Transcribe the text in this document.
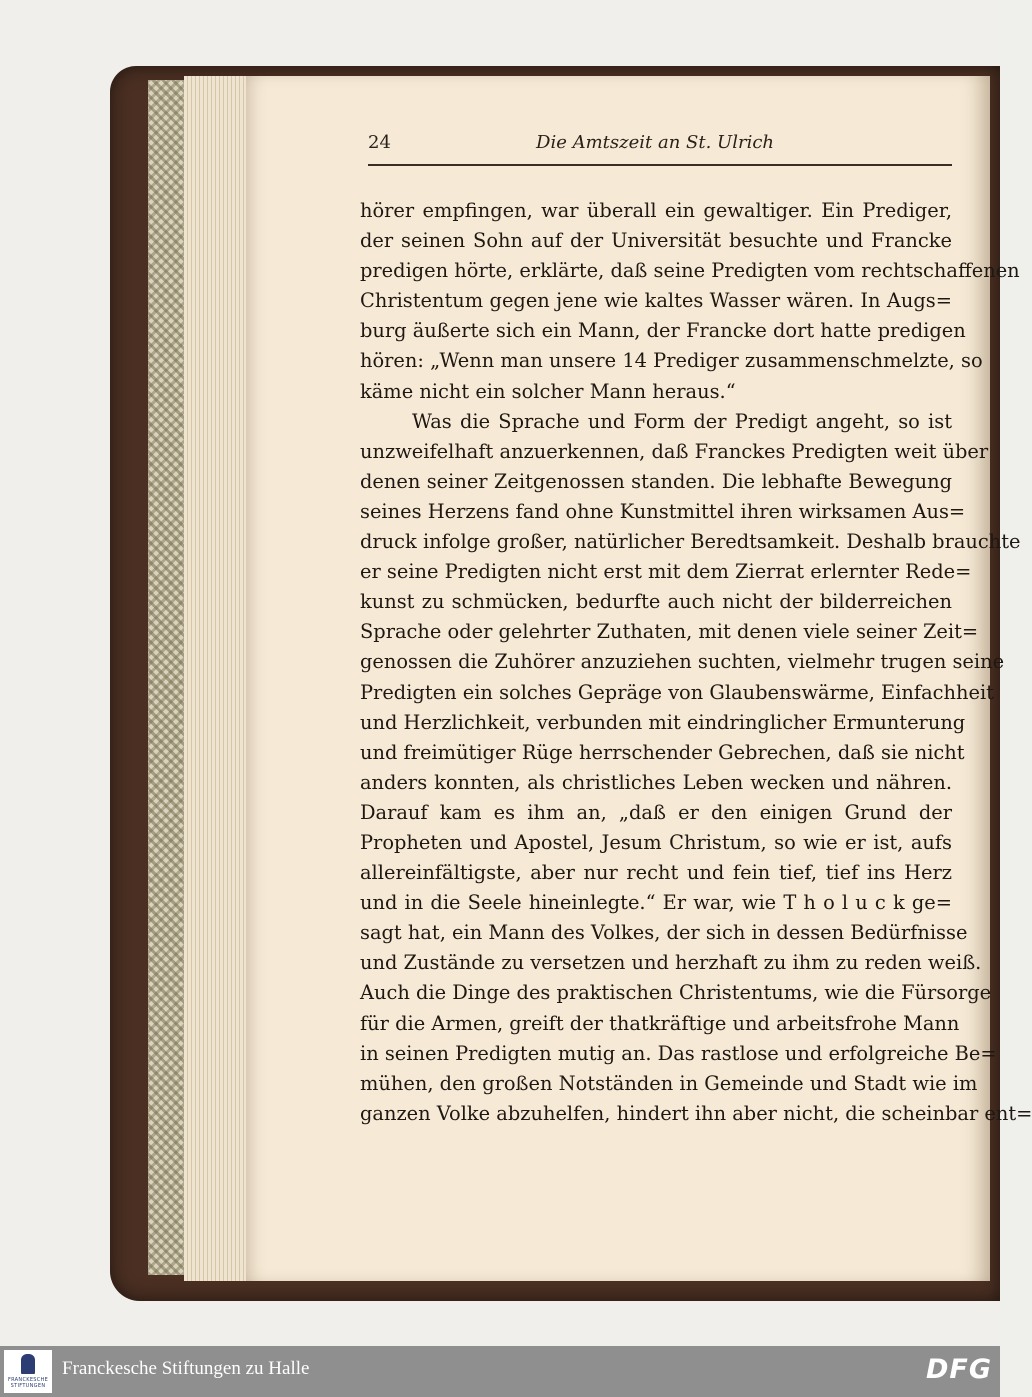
24	Die Amtszeit an St. Ulrich
hörer empfingen, war überall ein gewaltiger. Ein Prediger,
der seinen Sohn auf der Universität besuchte und Francke
predigen hörte, erklärte, daß seine Predigten vom rechtschaffenen
Christentum gegen jene wie kaltes Wasser wären. In Augs=
burg äußerte sich ein Mann, der Francke dort hatte predigen
hören: „Wenn man unsere 14 Prediger zusammenschmelzte, so
käme nicht ein solcher Mann heraus.“
Was die Sprache und Form der Predigt angeht, so ist
unzweifelhaft anzuerkennen, daß Franckes Predigten weit über
denen seiner Zeitgenossen standen. Die lebhafte Bewegung
seines Herzens fand ohne Kunstmittel ihren wirksamen Aus=
druck infolge großer, natürlicher Beredtsamkeit. Deshalb brauchte
er seine Predigten nicht erst mit dem Zierrat erlernter Rede=
kunst zu schmücken, bedurfte auch nicht der bilderreichen
Sprache oder gelehrter Zuthaten, mit denen viele seiner Zeit=
genossen die Zuhörer anzuziehen suchten, vielmehr trugen seine
Predigten ein solches Gepräge von Glaubenswärme, Einfachheit
und Herzlichkeit, verbunden mit eindringlicher Ermunterung
und freimütiger Rüge herrschender Gebrechen, daß sie nicht
anders konnten, als christliches Leben wecken und nähren.
Darauf kam es ihm an, „daß er den einigen Grund der
Propheten und Apostel, Jesum Christum, so wie er ist, aufs
allereinfältigste, aber nur recht und fein tief, tief ins Herz
und in die Seele hineinlegte.“ Er war, wie T h o l u c k ge=
sagt hat, ein Mann des Volkes, der sich in dessen Bedürfnisse
und Zustände zu versetzen und herzhaft zu ihm zu reden weiß.
Auch die Dinge des praktischen Christentums, wie die Fürsorge
für die Armen, greift der thatkräftige und arbeitsfrohe Mann
in seinen Predigten mutig an. Das rastlose und erfolgreiche Be=
mühen, den großen Notständen in Gemeinde und Stadt wie im
ganzen Volke abzuhelfen, hindert ihn aber nicht, die scheinbar ent=
FRANCKESCHE STIFTUNGEN
Franckesche Stiftungen zu Halle	DFG
